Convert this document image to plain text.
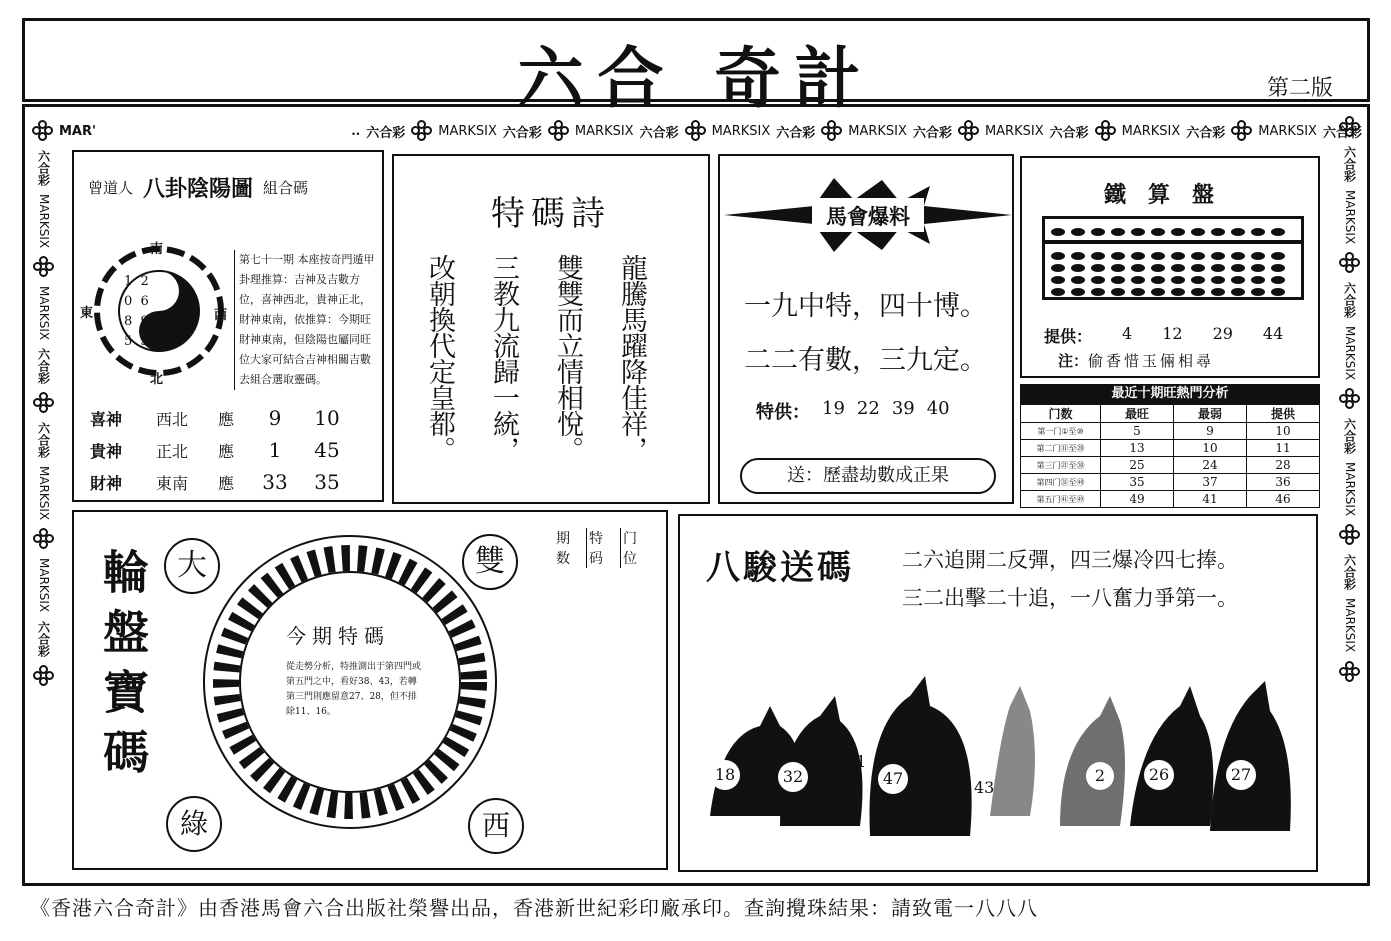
六合 奇計	第二版
MAR'	.. 六合彩	MARKSIX 六合彩	MARKSIX 六合彩	MARKSIX 六合彩	MARKSIX 六合彩	MARKSIX 六合彩	MARKSIX 六合彩	MARKSIX 六合彩
六合彩
MARKSIX
MARKSIX
六合彩
六合彩
MARKSIX
MARKSIX
六合彩
六合彩
MARKSIX
六合彩
MARKSIX
六合彩
MARKSIX
六合彩
MARKSIX
曾道人 八卦陰陽圖 組合碼
南
北
東	西
1 2
0 6
8 9 7
5 3 4
第七十一期 本座按奇門遁甲卦理推算：吉神及吉數方位，喜神西北，貴神正北，財神東南，依推算：今期旺財神東南，但陰陽也屬同旺位大家可結合吉神相關吉數去組合選取靈碼。
喜神	西北	應	9	10
貴神	正北	應	1	45
財神	東南	應 33 35
特碼詩
龍騰馬躍降佳祥，
雙雙而立情相悅。
三教九流歸一統，
改朝換代定皇都。
馬會爆料
一九中特，四十博。
二二有數，三九定。
特供： 19 22 39 40
送：歷盡劫數成正果
鐵算盤
提供： 4 12 29 44
注：偷香惜玉倆相尋
最近十期旺熱門分析
门数	最旺	最弱	提供
第一门①至⑩	5	9	10
第二门⑪至⑳	13	10	11
第三门㉑至㉚	25	24	28
第四门㉛至㊵	35	37	36
第五门㊶至㊾	49	41	46
輪盤寶碼 大	雙
綠	西
期数
特码
门位
今期特碼
從走勢分析，特推測出于第四門或第五門之中，看好38、43，若轉第三門則應留意27、28，但不排除11、16。
八駿送碼 二六追開二反彈，四三爆冷四七捧。
三二出擊二十追，一八奮力爭第一。
18	32
21
47	43
2	26	27
《香港六合奇計》由香港馬會六合出版社榮譽出品，香港新世紀彩印廠承印。查詢攪珠結果：請致電一八八八
